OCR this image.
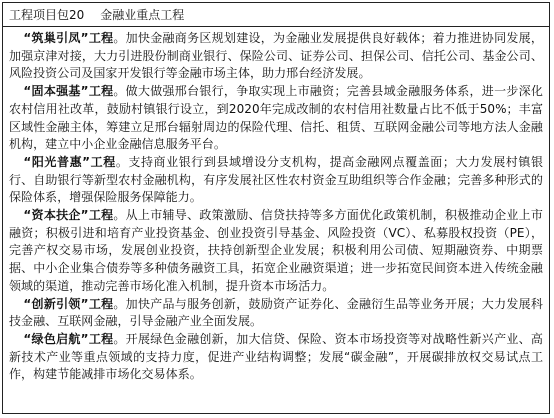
工程项目包20 金融业重点工程
“筑巢引凤”工程。加快金融商务区规划建设，为金融业发展提供良好载体；着力推进协同发展，加强京津对接，大力引进股份制商业银行、保险公司、证券公司、担保公司、信托公司、基金公司、风险投资公司及国家开发银行等金融市场主体，助力邢台经济发展。
“固本强基”工程。做大做强邢台银行，争取实现上市融资；完善县域金融服务体系，进一步深化农村信用社改革，鼓励村镇银行设立，到2020年完成改制的农村信用社数量占比不低于50%；丰富区域性金融主体，筹建立足邢台辐射周边的保险代理、信托、租赁、互联网金融公司等地方法人金融机构，建立中小企业金融信息服务平台。
“阳光普惠”工程。支持商业银行到县域增设分支机构，提高金融网点覆盖面；大力发展村镇银行、自助银行等新型农村金融机构，有序发展社区性农村资金互助组织等合作金融；完善多种形式的保险体系，增强保险服务保障能力。
“资本扶企”工程。从上市辅导、政策激励、信贷扶持等多方面优化政策机制，积极推动企业上市融资；积极引进和培育产业投资基金、创业投资引导基金、风险投资（VC）、私募股权投资（PE），完善产权交易市场，发展创业投资，扶持创新型企业发展；积极利用公司债、短期融资券、中期票据、中小企业集合债券等多种债务融资工具，拓宽企业融资渠道；进一步拓宽民间资本进入传统金融领域的渠道，推动完善市场化准入机制，提升资本市场活力。
“创新引领”工程。加快产品与服务创新，鼓励资产证券化、金融衍生品等业务开展；大力发展科技金融、互联网金融，引导金融产业全面发展。
“绿色启航”工程。开展绿色金融创新，加大信贷、保险、资本市场投资等对战略性新兴产业、高新技术产业等重点领域的支持力度，促进产业结构调整；发展“碳金融”，开展碳排放权交易试点工作，构建节能减排市场化交易体系。
